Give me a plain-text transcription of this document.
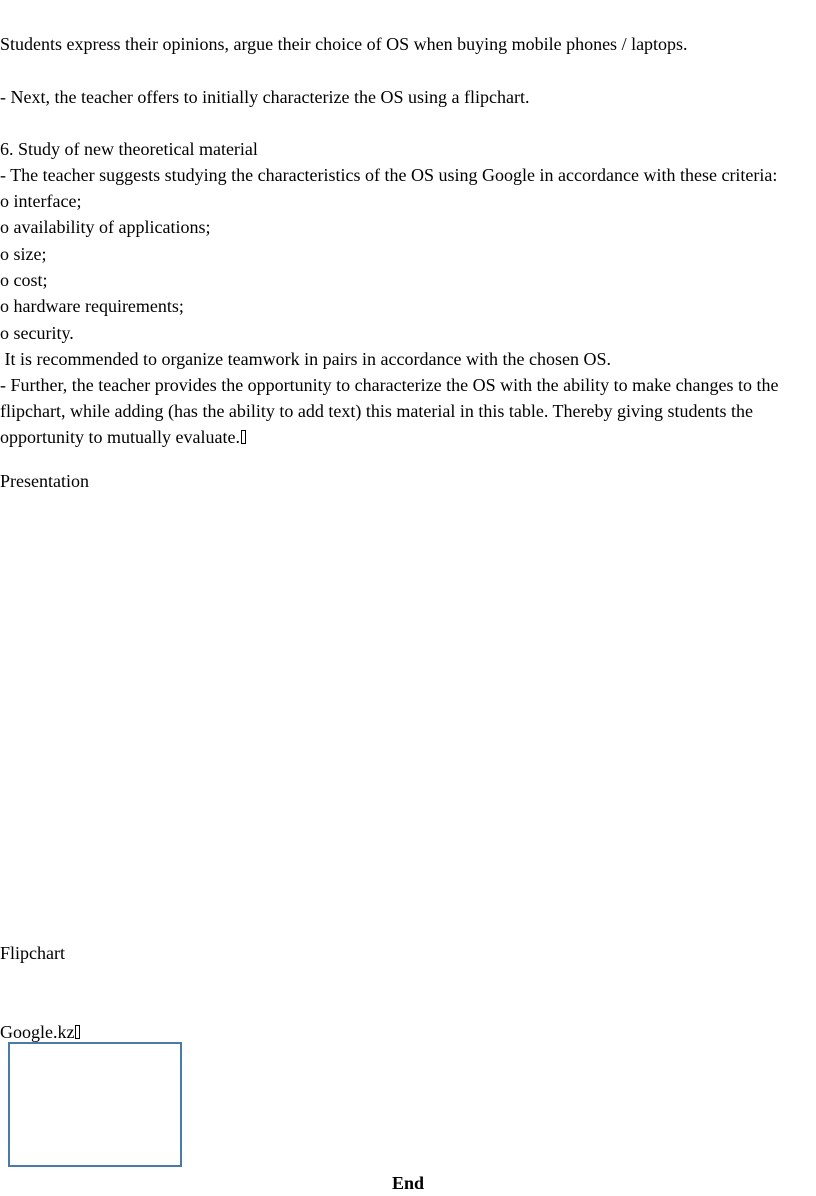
Students express their opinions, argue their choice of OS when buying mobile phones / laptops.

- Next, the teacher offers to initially characterize the OS using a flipchart.

6. Study of new theoretical material

- The teacher suggests studying the characteristics of the OS using Google in accordance with these criteria:

o interface;

o availability of applications;

o size;

o cost;

o hardware requirements;

o security.

It is recommended to organize teamwork in pairs in accordance with the chosen OS.

- Further, the teacher provides the opportunity to characterize the OS with the ability to make changes to the flipchart, while adding (has the ability to add text) this material in this table. Thereby giving students the opportunity to mutually evaluate.

Presentation

Flipchart

Google.kz

End
